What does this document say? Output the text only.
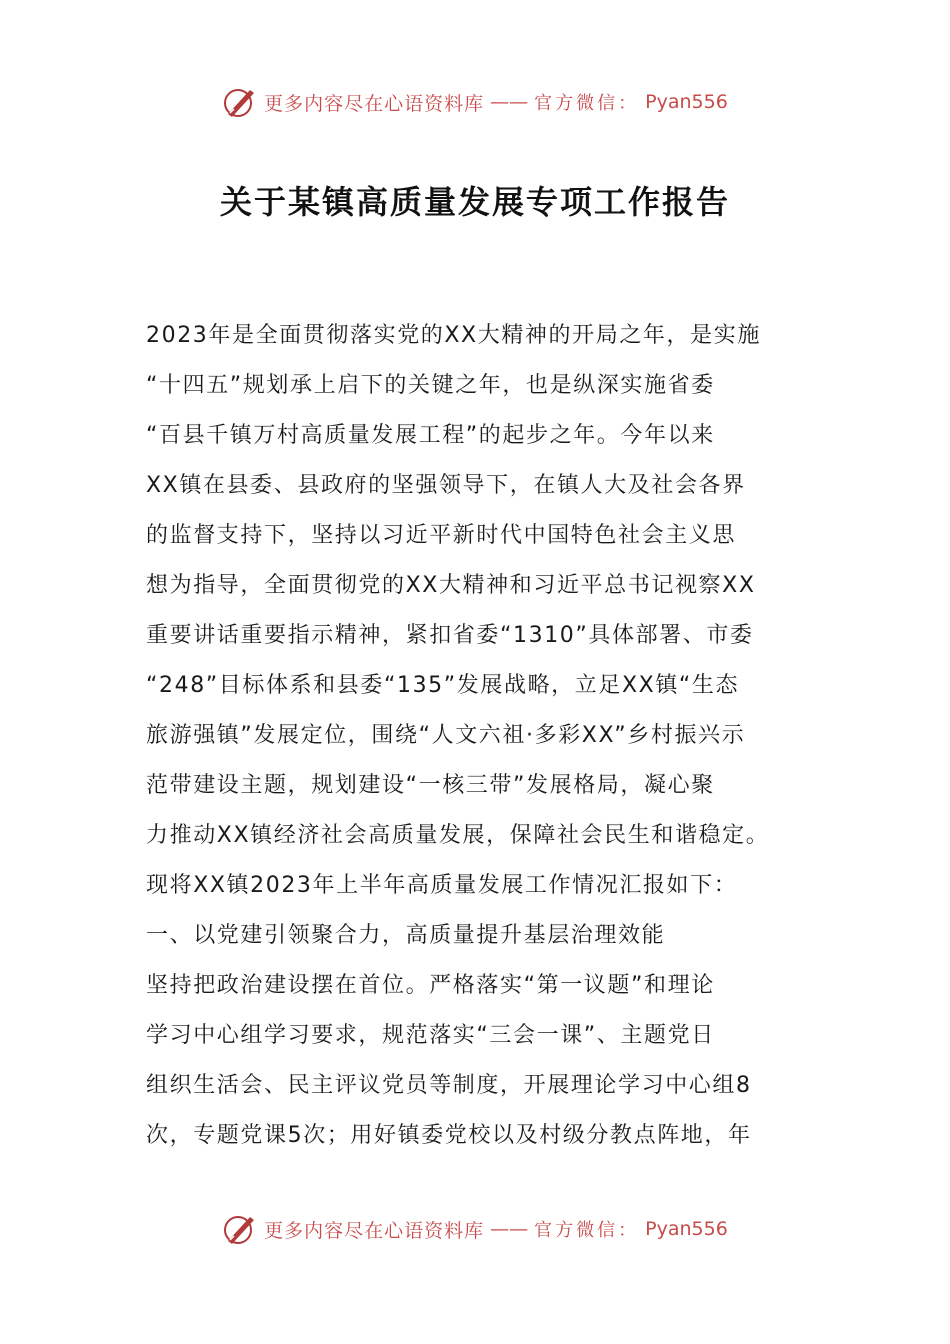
更多内容尽在心语资料库 —— 官方微信： Pyan556
关于某镇高质量发展专项工作报告

2023年是全面贯彻落实党的XX大精神的开局之年，是实施

“十四五”规划承上启下的关键之年，也是纵深实施省委

“百县千镇万村高质量发展工程”的起步之年。今年以来

XX镇在县委、县政府的坚强领导下，在镇人大及社会各界

的监督支持下，坚持以习近平新时代中国特色社会主义思

想为指导，全面贯彻党的XX大精神和习近平总书记视察XX

重要讲话重要指示精神，紧扣省委“1310”具体部署、市委

“248”目标体系和县委“135”发展战略，立足XX镇“生态

旅游强镇”发展定位，围绕“人文六祖·多彩XX”乡村振兴示

范带建设主题，规划建设“一核三带”发展格局，凝心聚

力推动XX镇经济社会高质量发展，保障社会民生和谐稳定。

现将XX镇2023年上半年高质量发展工作情况汇报如下：

一、以党建引领聚合力，高质量提升基层治理效能

坚持把政治建设摆在首位。严格落实“第一议题”和理论

学习中心组学习要求，规范落实“三会一课”、主题党日

组织生活会、民主评议党员等制度，开展理论学习中心组8

次，专题党课5次；用好镇委党校以及村级分教点阵地，年

更多内容尽在心语资料库 —— 官方微信： Pyan556
